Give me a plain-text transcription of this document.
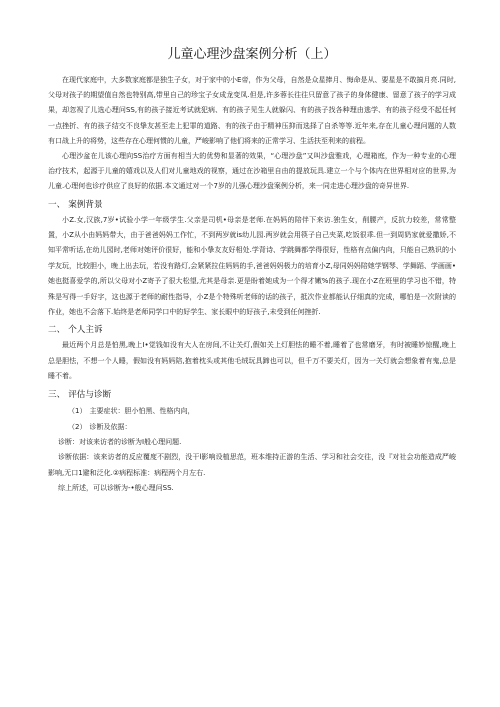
儿童心理沙盘案例分析（上）

在现代家庭中，大多数家庭都是独生子女，对于家中的小E帝，作为父母，自然是众星捧月、悔命是从、要星是不敢搞月亮.同时,父母对孩子的期望值自然也特别高,带里自己的珍宝子女成龙变凤.但是,许多蓉长往往只留意了孩子的身体健康、留意了孩子的学习成果，却忽视了儿选心理问SS,有的孩子接近考试就犯病、有的孩子见生人就躲闪、有的孩子找各种理由逃学、有的孩子经受不起任何一点挫折、有的孩子结交不良挚友甚至走上犯罪的道路、有的孩子由于精神压抑而选择了自杀等等.近年来,存在儿童心理问题的人数有口战上升的将势，这些存在心理何惯的儿童，严峻影响了他们将来的正常学习、生活扶至利来的前程。

心理沙盆在儿该心理向SS治疗方面有相当大的优势和显著的效果，“心理沙盘”又叫沙盘雅戏，心理箱庭，作为一种专业的心理治疗技术，起源于儿童的嬉戏以及人们对儿童地戏的视察，通过在沙箱里自由的提放玩具.建立一个与个体内在世界相对应的世界,为儿童.心理何也诊疗供应了良好的依据.本文通过对一个7岁的儿强心理沙盘案例分析，来一同走进心理沙盘的奇异世界.

一、 案例背景

小Z.女,汉族,7岁•试验小学一年级学生.父亲是司机•母亲是老师.在妈妈的陪伴下来访.独生女，削腰产，反抗力较差，常常整置，小Z从小由妈妈带大，由于爸爸妈妈工作忙，不到两岁就is幼儿园.两岁就会用筷子自己夹菜,吃饭很乖.但一到周奶家就爱撒娇,不知平常听话,在幼儿园时,老师对她评价很好，能和小挚友友好相处.学背诗、学跳舞都学得很好，性格有点偏内向，只能自己熟识的小学友玩，比较胆小，晚上出去玩，若没有路灯,会紧紧拉住妈妈的手,爸爸妈妈极力的培育小Z,母同妈妈陪她学钢琴、学舞蹈、学画画•她也挺喜爱学的,所以父母对小Z寄予了很大松望,尤其是母亲.更是盼着她成为一个得才嫩%的孩子.现在小Z在班里的学习也不错，特殊是写得一手好字，这也源于老师的耐性指导，小Z是个特殊听老师的话的孩子，抵次作业都能认仔细真的完成，哪怕是一次附读的作业，她也不会落下.始终是老师同学口中的好学生、家长眼中的好孩子,未受到任何挫折.

二、 个人主诉

最近两个月总是怕黑,晚上I•觉钱如没有大人在房间,不让关灯,假如关上灯胆怯的睡不着,睡着了也常磨牙，有时被睡妙惊醒,晚上总是胆怯，不想一个人睡，假如没有妈妈陪,抱着枕头或其他毛绒玩具蹄也可以，但千万不要关灯，因为一关灯就会想象着有鬼,总是睡不着。

三、 评估与诊断

（1） 主要症状：胆小怕黑、性格内向，

（2） 诊断及依据：

诊断：对该来访者的诊断为I般心理问题.

诊断依据：该来访者的反应覆度不剧烈，没干l影响设植思范，班本维持正游的生活、学习和社会交往，没『对社会功能造成严峻影响,无口1避和泛化.②病程标准：病程两个月左右.

综上所述，可以诊断为-•般心理问SS.
